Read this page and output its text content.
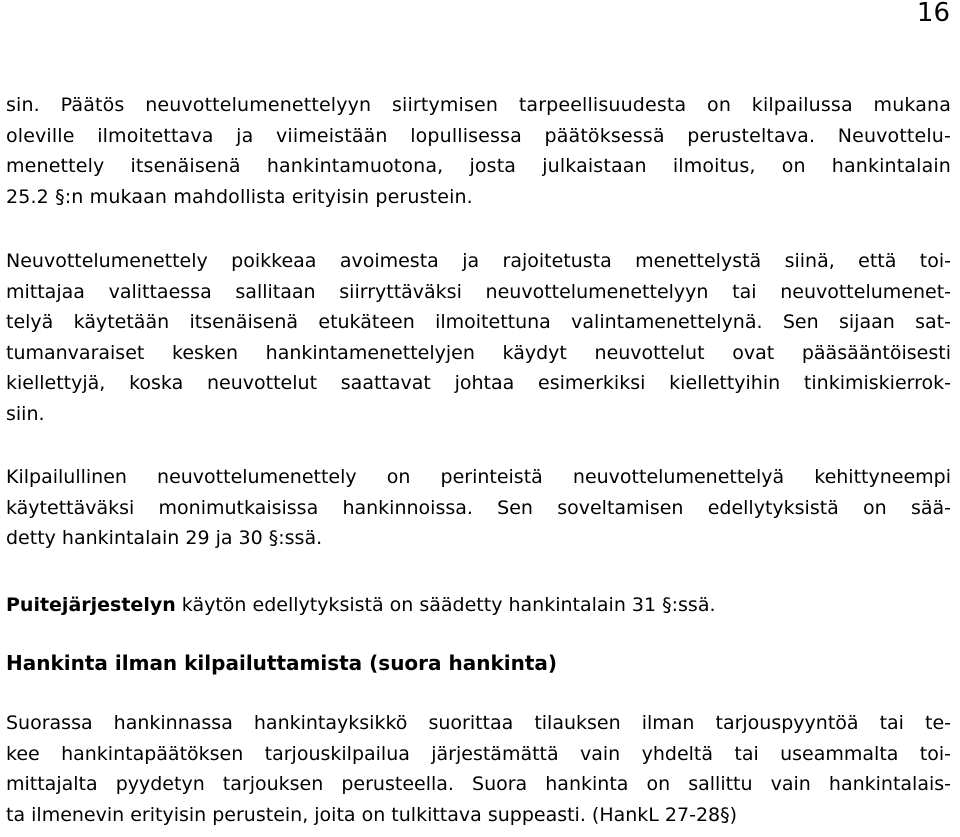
16
sin. Päätös neuvottelumenettelyyn siirtymisen tarpeellisuudesta on kilpailussa mukana
oleville ilmoitettava ja viimeistään lopullisessa päätöksessä perusteltava. Neuvottelu-
menettely itsenäisenä hankintamuotona, josta julkaistaan ilmoitus, on hankintalain
25.2 §:n mukaan mahdollista erityisin perustein.
Neuvottelumenettely poikkeaa avoimesta ja rajoitetusta menettelystä siinä, että toi-
mittajaa valittaessa sallitaan siirryttäväksi neuvottelumenettelyyn tai neuvottelumenet-
telyä käytetään itsenäisenä etukäteen ilmoitettuna valintamenettelynä. Sen sijaan sat-
tumanvaraiset kesken hankintamenettelyjen käydyt neuvottelut ovat pääsääntöisesti
kiellettyjä, koska neuvottelut saattavat johtaa esimerkiksi kiellettyihin tinkimiskierrok-
siin.
Kilpailullinen neuvottelumenettely on perinteistä neuvottelumenettelyä kehittyneempi
käytettäväksi monimutkaisissa hankinnoissa. Sen soveltamisen edellytyksistä on sää-
detty hankintalain 29 ja 30 §:ssä.
Puitejärjestelyn käytön edellytyksistä on säädetty hankintalain 31 §:ssä.
Hankinta ilman kilpailuttamista (suora hankinta)
Suorassa hankinnassa hankintayksikkö suorittaa tilauksen ilman tarjouspyyntöä tai te-
kee hankintapäätöksen tarjouskilpailua järjestämättä vain yhdeltä tai useammalta toi-
mittajalta pyydetyn tarjouksen perusteella. Suora hankinta on sallittu vain hankintalais-
ta ilmenevin erityisin perustein, joita on tulkittava suppeasti. (HankL 27-28§)
